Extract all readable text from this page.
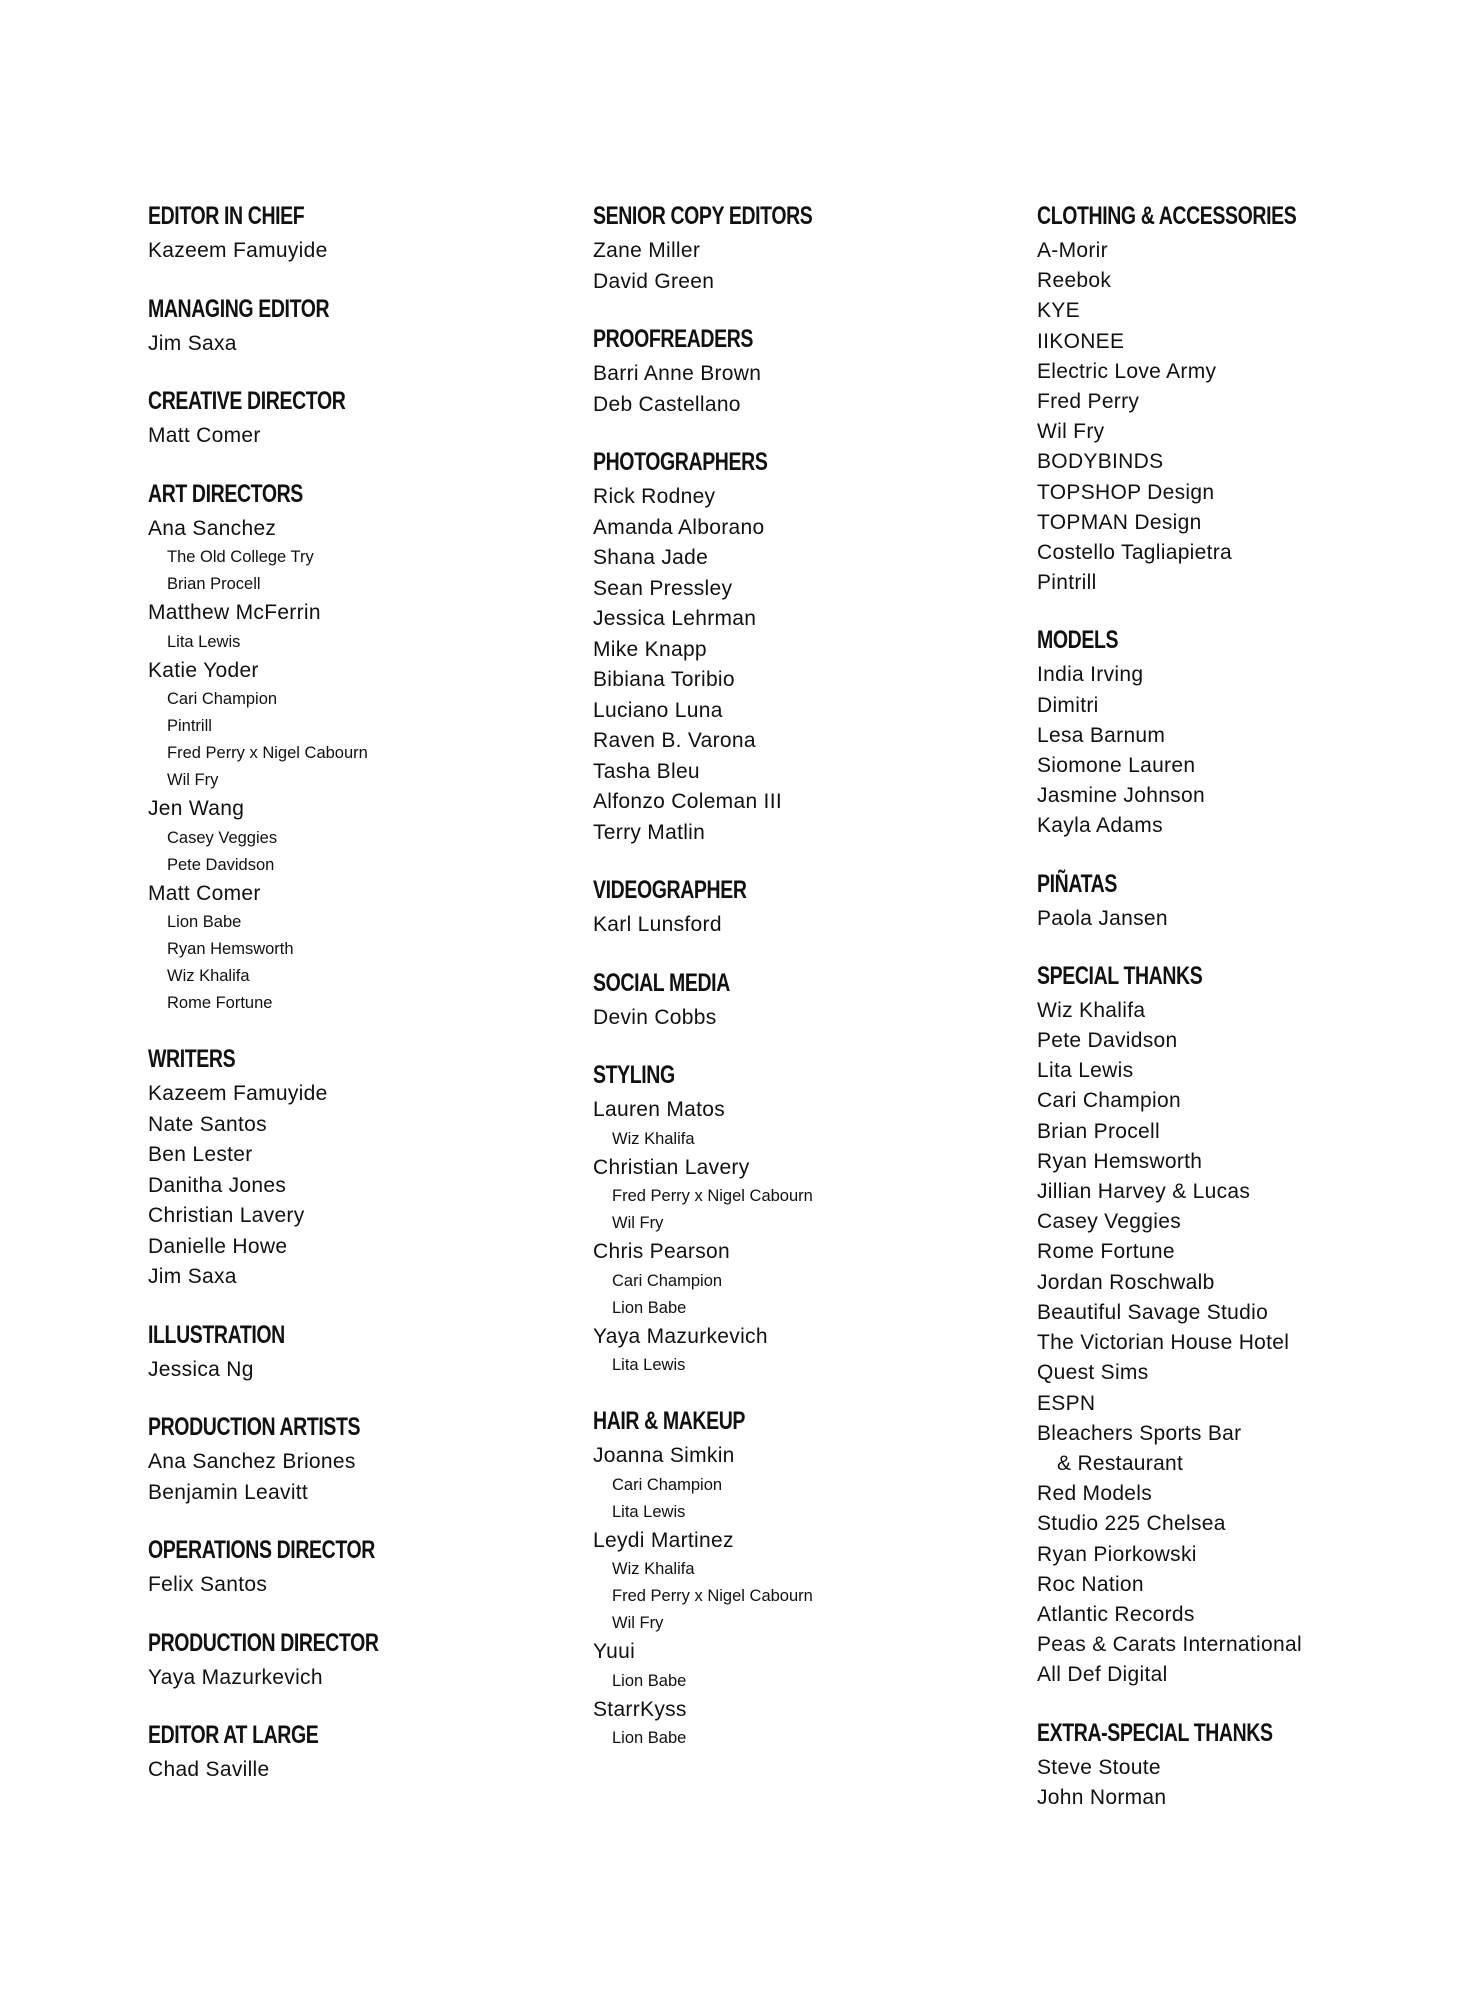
EDITOR IN CHIEF
Kazeem Famuyide
MANAGING EDITOR
Jim Saxa
CREATIVE DIRECTOR
Matt Comer
ART DIRECTORS
Ana Sanchez
The Old College Try
Brian Procell
Matthew McFerrin
Lita Lewis
Katie Yoder
Cari Champion
Pintrill
Fred Perry x Nigel Cabourn
Wil Fry
Jen Wang
Casey Veggies
Pete Davidson
Matt Comer
Lion Babe
Ryan Hemsworth
Wiz Khalifa
Rome Fortune
WRITERS
Kazeem Famuyide
Nate Santos
Ben Lester
Danitha Jones
Christian Lavery
Danielle Howe
Jim Saxa
ILLUSTRATION
Jessica Ng
PRODUCTION ARTISTS
Ana Sanchez Briones
Benjamin Leavitt
OPERATIONS DIRECTOR
Felix Santos
PRODUCTION DIRECTOR
Yaya Mazurkevich
EDITOR AT LARGE
Chad Saville
SENIOR COPY EDITORS
Zane Miller
David Green
PROOFREADERS
Barri Anne Brown
Deb Castellano
PHOTOGRAPHERS
Rick Rodney
Amanda Alborano
Shana Jade
Sean Pressley
Jessica Lehrman
Mike Knapp
Bibiana Toribio
Luciano Luna
Raven B. Varona
Tasha Bleu
Alfonzo Coleman III
Terry Matlin
VIDEOGRAPHER
Karl Lunsford
SOCIAL MEDIA
Devin Cobbs
STYLING
Lauren Matos
Wiz Khalifa
Christian Lavery
Fred Perry x Nigel Cabourn
Wil Fry
Chris Pearson
Cari Champion
Lion Babe
Yaya Mazurkevich
Lita Lewis
HAIR & MAKEUP
Joanna Simkin
Cari Champion
Lita Lewis
Leydi Martinez
Wiz Khalifa
Fred Perry x Nigel Cabourn
Wil Fry
Yuui
Lion Babe
StarrKyss
Lion Babe
CLOTHING & ACCESSORIES
A-Morir
Reebok
KYE
IIKONEE
Electric Love Army
Fred Perry
Wil Fry
BODYBINDS
TOPSHOP Design
TOPMAN Design
Costello Tagliapietra
Pintrill
MODELS
India Irving
Dimitri
Lesa Barnum
Siomone Lauren
Jasmine Johnson
Kayla Adams
PIÑATAS
Paola Jansen
SPECIAL THANKS
Wiz Khalifa
Pete Davidson
Lita Lewis
Cari Champion
Brian Procell
Ryan Hemsworth
Jillian Harvey & Lucas
Casey Veggies
Rome Fortune
Jordan Roschwalb
Beautiful Savage Studio
The Victorian House Hotel
Quest Sims
ESPN
Bleachers Sports Bar
& Restaurant
Red Models
Studio 225 Chelsea
Ryan Piorkowski
Roc Nation
Atlantic Records
Peas & Carats International
All Def Digital
EXTRA-SPECIAL THANKS
Steve Stoute
John Norman
